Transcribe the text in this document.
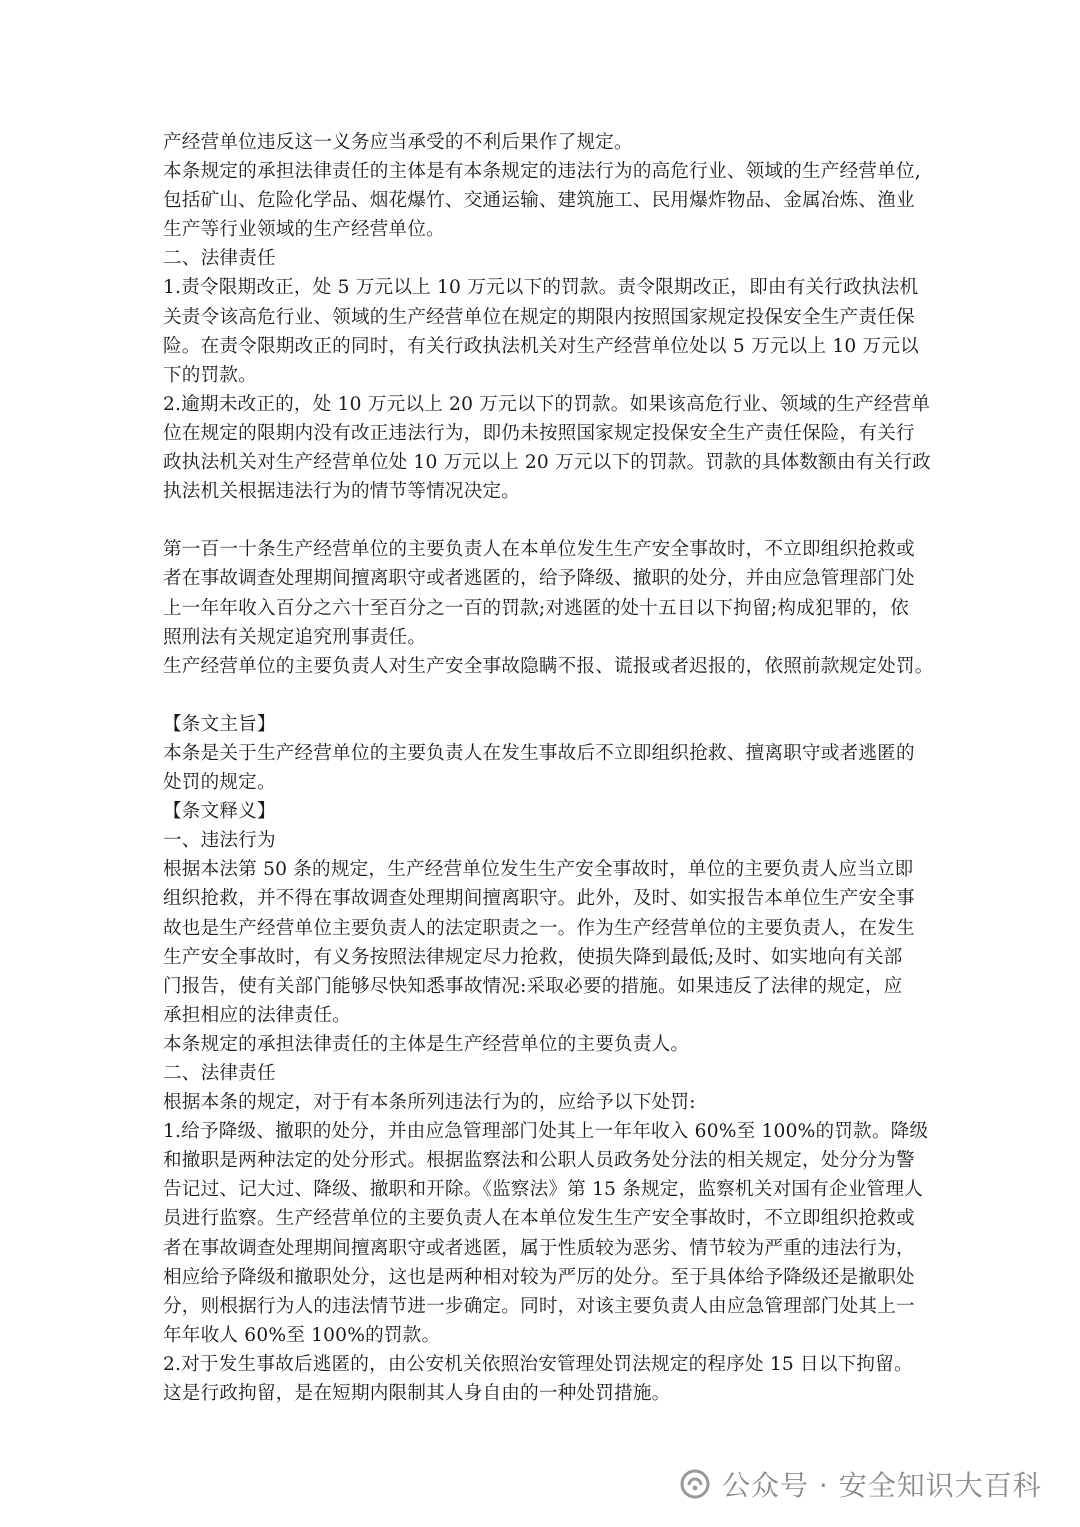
产经营单位违反这一义务应当承受的不利后果作了规定。
本条规定的承担法律责任的主体是有本条规定的违法行为的高危行业、领域的生产经营单位,
包括矿山、危险化学品、烟花爆竹、交通运输、建筑施工、民用爆炸物品、金属冶炼、渔业
生产等行业领域的生产经营单位。
二、法律责任
1.责令限期改正，处 5 万元以上 10 万元以下的罚款。责令限期改正，即由有关行政执法机
关责令该高危行业、领域的生产经营单位在规定的期限内按照国家规定投保安全生产责任保
险。在责令限期改正的同时，有关行政执法机关对生产经营单位处以 5 万元以上 10 万元以
下的罚款。
2.逾期未改正的，处 10 万元以上 20 万元以下的罚款。如果该高危行业、领域的生产经营单
位在规定的限期内没有改正违法行为，即仍未按照国家规定投保安全生产责任保险，有关行
政执法机关对生产经营单位处 10 万元以上 20 万元以下的罚款。罚款的具体数额由有关行政
执法机关根据违法行为的情节等情况决定。
第一百一十条生产经营单位的主要负责人在本单位发生生产安全事故时，不立即组织抢救或
者在事故调查处理期间擅离职守或者逃匿的，给予降级、撤职的处分，并由应急管理部门处
上一年年收入百分之六十至百分之一百的罚款;对逃匿的处十五日以下拘留;构成犯罪的，依
照刑法有关规定追究刑事责任。
生产经营单位的主要负责人对生产安全事故隐瞒不报、谎报或者迟报的，依照前款规定处罚。
【条文主旨】
本条是关于生产经营单位的主要负责人在发生事故后不立即组织抢救、擅离职守或者逃匿的
处罚的规定。
【条文释义】
一、违法行为
根据本法第 50 条的规定，生产经营单位发生生产安全事故时，单位的主要负责人应当立即
组织抢救，并不得在事故调查处理期间擅离职守。此外，及时、如实报告本单位生产安全事
故也是生产经营单位主要负责人的法定职责之一。作为生产经营单位的主要负责人，在发生
生产安全事故时，有义务按照法律规定尽力抢救，使损失降到最低;及时、如实地向有关部
门报告，使有关部门能够尽快知悉事故情况:采取必要的措施。如果违反了法律的规定，应
承担相应的法律责任。
本条规定的承担法律责任的主体是生产经营单位的主要负责人。
二、法律责任
根据本条的规定，对于有本条所列违法行为的，应给予以下处罚:
1.给予降级、撤职的处分，并由应急管理部门处其上一年年收入 60%至 100%的罚款。降级
和撤职是两种法定的处分形式。根据监察法和公职人员政务处分法的相关规定，处分分为警
告记过、记大过、降级、撤职和开除。《监察法》第 15 条规定，监察机关对国有企业管理人
员进行监察。生产经营单位的主要负责人在本单位发生生产安全事故时，不立即组织抢救或
者在事故调查处理期间擅离职守或者逃匿，属于性质较为恶劣、情节较为严重的违法行为，
相应给予降级和撤职处分，这也是两种相对较为严厉的处分。至于具体给予降级还是撤职处
分，则根据行为人的违法情节进一步确定。同时，对该主要负责人由应急管理部门处其上一
年年收人 60%至 100%的罚款。
2.对于发生事故后逃匿的，由公安机关依照治安管理处罚法规定的程序处 15 日以下拘留。
这是行政拘留，是在短期内限制其人身自由的一种处罚措施。
公众号 · 安全知识大百科
